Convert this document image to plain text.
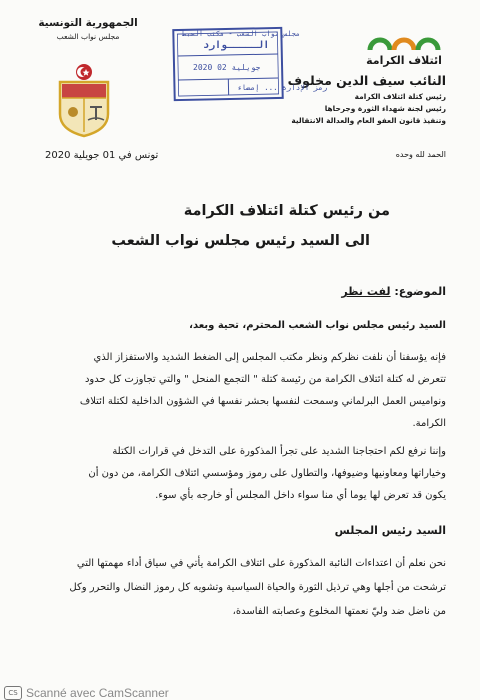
ائتلاف الكرامة
النائب سيف الدين مخلوف
رئيس كتلة ائتلاف الكرامة
رئيس لجنة شهداء الثورة وجرحاها
وتنفيذ قانون العفو العام والعدالة الانتقالية
الحمد لله وحده
الجمهورية التونسية
مجلس نواب الشعب
تونس في 01 جويلية 2020
مجلس نواب الشعب - مكتب الضبط
الـــــوارد
2020 جويلية 02
رمز الإدارة ... إمضاء
من رئيس كتلة ائتلاف الكرامة
الى السيد رئيس مجلس نواب الشعب
الموضوع: لفت نظر
السيد رئيس مجلس نواب الشعب المحترم، تحية وبعد،
فإنه يؤسفنا أن نلفت نظركم ونظر مكتب المجلس إلى الضغط الشديد والاستفزاز الذي
تتعرض له كتلة ائتلاف الكرامة من رئيسة كتلة " التجمع المنحل " والتي تجاوزت كل حدود
ونواميس العمل البرلماني وسمحت لنفسها بحشر نفسها في الشؤون الداخلية لكتلة ائتلاف
الكرامة.
وإننا نرفع لكم احتجاجنا الشديد على تجرأ المذكورة على التدخل في قرارات الكتلة
وخياراتها ومعاونيها وضيوفها، والتطاول على رموز ومؤسسي ائتلاف الكرامة، من دون أن
يكون قد تعرض لها يوما أي منا سواء داخل المجلس أو خارجه بأي سوء.
السيد رئيس المجلس
نحن نعلم أن اعتداءات النائبة المذكورة على ائتلاف الكرامة يأتي في سياق أداء مهمتها التي
ترشحت من أجلها وهي ترذيل الثورة والحياة السياسية وتشويه كل رموز النضال والتحرر وكل
من ناضل ضد وليّ نعمتها المخلوع وعصابته الفاسدة،
CS Scanné avec CamScanner
